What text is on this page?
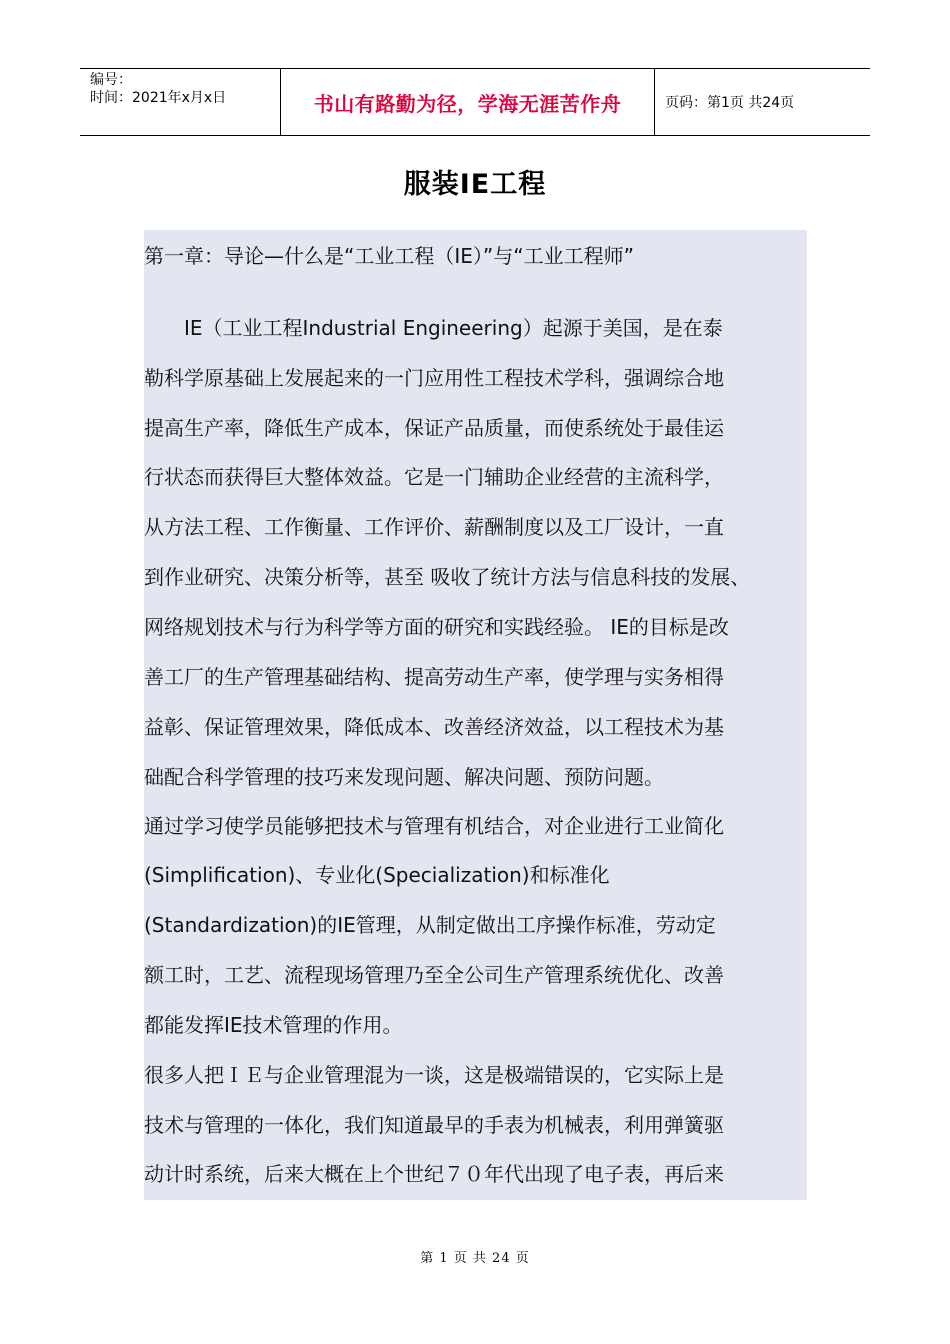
编号：
时间：2021年x月x日	书山有路勤为径，学海无涯苦作舟	页码：第1页 共24页
服装IE工程
第一章：导论—什么是“工业工程（IE）”与“工业工程师”
　　IE（工业工程Industrial Engineering）起源于美国，是在泰
勒科学原基础上发展起来的一门应用性工程技术学科，强调综合地
提高生产率，降低生产成本，保证产品质量，而使系统处于最佳运
行状态而获得巨大整体效益。它是一门辅助企业经营的主流科学，
从方法工程、工作衡量、工作评价、薪酬制度以及工厂设计，一直
到作业研究、决策分析等，甚至 吸收了统计方法与信息科技的发展、
网络规划技术与行为科学等方面的研究和实践经验。 IE的目标是改
善工厂的生产管理基础结构、提高劳动生产率，使学理与实务相得
益彰、保证管理效果，降低成本、改善经济效益，以工程技术为基
础配合科学管理的技巧来发现问题、解决问题、预防问题。
通过学习使学员能够把技术与管理有机结合，对企业进行工业简化
(Simplification)、专业化(Specialization)和标准化
(Standardization)的IE管理，从制定做出工序操作标准，劳动定
额工时，工艺、流程现场管理乃至全公司生产管理系统优化、改善
都能发挥IE技术管理的作用。
很多人把ＩＥ与企业管理混为一谈，这是极端错误的，它实际上是
技术与管理的一体化，我们知道最早的手表为机械表，利用弹簧驱
动计时系统，后来大概在上个世纪７０年代出现了电子表，再后来
第 1 页 共 24 页
